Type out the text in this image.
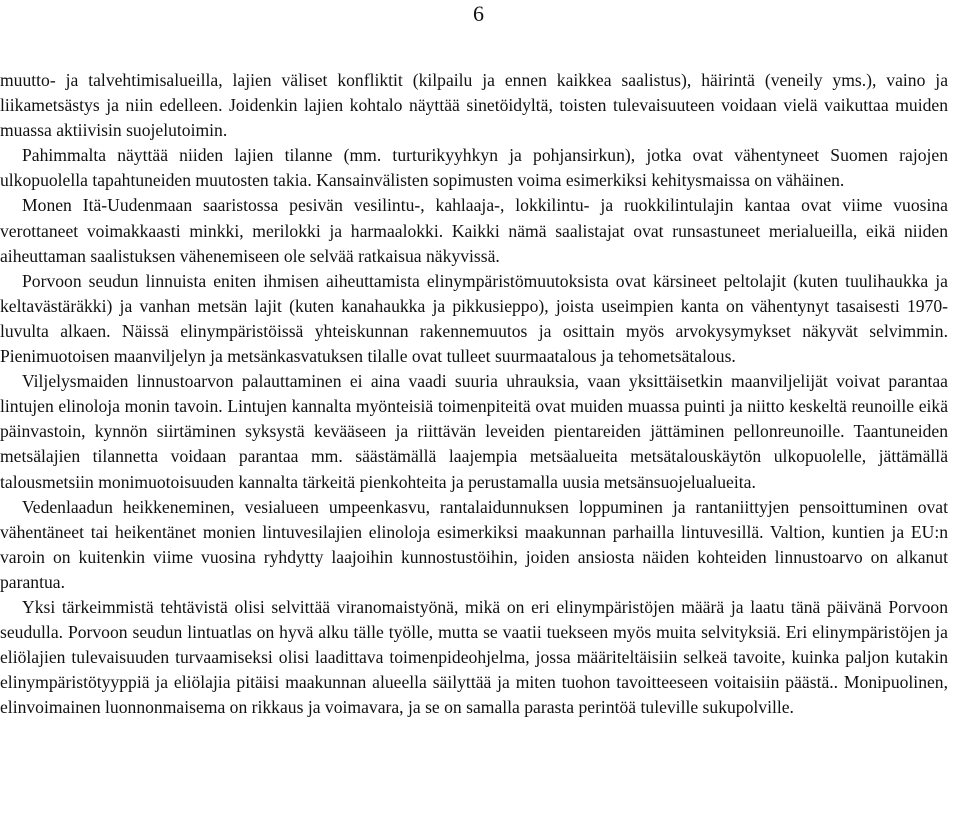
6

muutto- ja talvehtimisalueilla, lajien väliset konfliktit (kilpailu ja ennen kaikkea saalistus), häirintä (veneily yms.), vaino ja liikametsästys ja niin edelleen. Joidenkin lajien kohtalo näyttää sinetöidyltä, toisten tulevaisuuteen voidaan vielä vaikuttaa muiden muassa aktiivisin suojelutoimin.

Pahimmalta näyttää niiden lajien tilanne (mm. turturikyyhkyn ja pohjansirkun), jotka ovat vähentyneet Suomen rajojen ulkopuolella tapahtuneiden muutosten takia. Kansainvälisten sopimusten voima esimerkiksi kehitysmaissa on vähäinen.

Monen Itä-Uudenmaan saaristossa pesivän vesilintu-, kahlaaja-, lokkilintu- ja ruokkilintulajin kantaa ovat viime vuosina verottaneet voimakkaasti minkki, merilokki ja harmaalokki. Kaikki nämä saalistajat ovat runsastuneet merialueilla, eikä niiden aiheuttaman saalistuksen vähenemiseen ole selvää ratkaisua näkyvissä.

Porvoon seudun linnuista eniten ihmisen aiheuttamista elinympäristömuutoksista ovat kärsineet peltolajit (kuten tuulihaukka ja keltavästäräkki) ja vanhan metsän lajit (kuten kanahaukka ja pikkusieppo), joista useimpien kanta on vähentynyt tasaisesti 1970-luvulta alkaen. Näissä elinympäristöissä yhteiskunnan rakennemuutos ja osittain myös arvokysymykset näkyvät selvimmin. Pienimuotoisen maanviljelyn ja metsänkasvatuksen tilalle ovat tulleet suurmaatalous ja tehometsätalous.

Viljelysmaiden linnustoarvon palauttaminen ei aina vaadi suuria uhrauksia, vaan yksittäisetkin maanviljelijät voivat parantaa lintujen elinoloja monin tavoin. Lintujen kannalta myönteisiä toimenpiteitä ovat muiden muassa puinti ja niitto keskeltä reunoille eikä päinvastoin, kynnön siirtäminen syksystä kevääseen ja riittävän leveiden pientareiden jättäminen pellonreunoille. Taantuneiden metsälajien tilannetta voidaan parantaa mm. säästämällä laajempia metsäalueita metsätalouskäytön ulkopuolelle, jättämällä talousmetsiin monimuotoisuuden kannalta tärkeitä pienkohteita ja perustamalla uusia metsänsuojelualueita.

Vedenlaadun heikkeneminen, vesialueen umpeenkasvu, rantalaidunnuksen loppuminen ja rantaniittyjen pensoittuminen ovat vähentäneet tai heikentänet monien lintuvesilajien elinoloja esimerkiksi maakunnan parhailla lintuvesillä. Valtion, kuntien ja EU:n varoin on kuitenkin viime vuosina ryhdytty laajoihin kunnostustöihin, joiden ansiosta näiden kohteiden linnustoarvo on alkanut parantua.

Yksi tärkeimmistä tehtävistä olisi selvittää viranomaistyönä, mikä on eri elinympäristöjen määrä ja laatu tänä päivänä Porvoon seudulla. Porvoon seudun lintuatlas on hyvä alku tälle työlle, mutta se vaatii tuekseen myös muita selvityksiä. Eri elinympäristöjen ja eliölajien tulevaisuuden turvaamiseksi olisi laadittava toimenpideohjelma, jossa määriteltäisiin selkeä tavoite, kuinka paljon kutakin elinympäristötyyppiä ja eliölajia pitäisi maakunnan alueella säilyttää ja miten tuohon tavoitteeseen voitaisiin päästä.. Monipuolinen, elinvoimainen luonnonmaisema on rikkaus ja voimavara, ja se on samalla parasta perintöä tuleville sukupolville.
